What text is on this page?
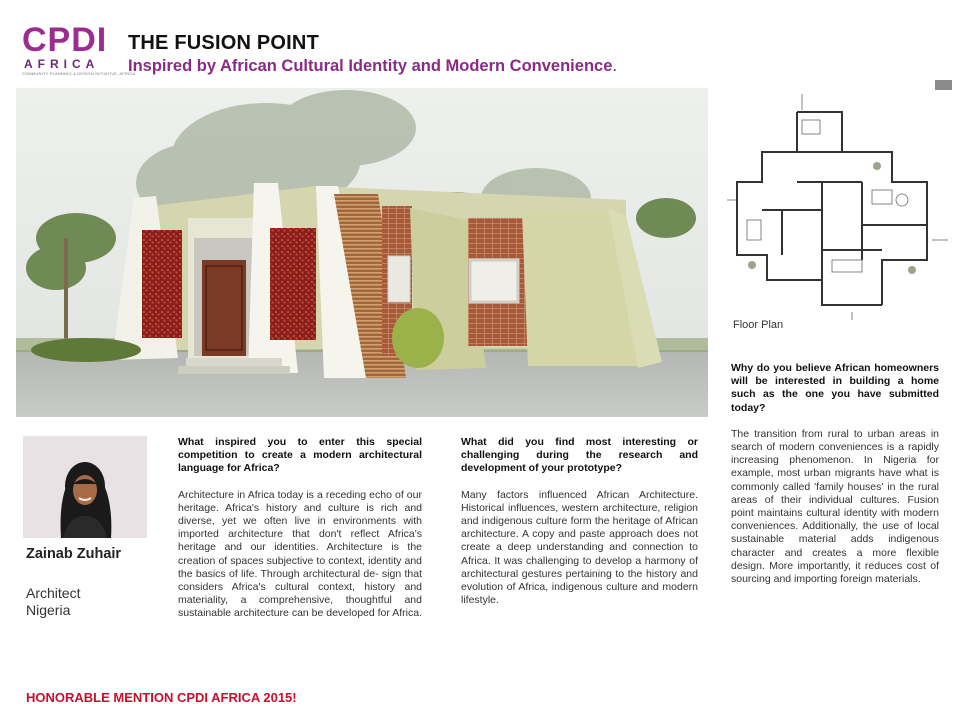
CPDI
AFRICA
COMMUNITY PLANNING & DESIGN INITIATIVE, AFRICA
THE FUSION POINT
Inspired by African Cultural Identity and Modern Convenience.
Floor Plan
Zainab Zuhair
Architect
Nigeria

What inspired you to enter this special competition to create a modern architectural language for Africa?

Architecture in Africa today is a receding echo of our heritage. Africa's history and culture is rich and diverse, yet we often live in environments with imported architecture that don't reflect Africa's heritage and our identities. Architecture is the creation of spaces subjective to context, identity and the basics of life. Through architectural de- sign that considers Africa's cultural context, history and materiality, a comprehensive, thoughtful and sustainable architecture can be developed for Africa.

What did you find most interesting or challenging during the research and development of your prototype?

Many factors influenced African Architecture. Historical influences, western architecture, religion and indigenous culture form the heritage of African architecture. A copy and paste approach does not create a deep understanding and connection to Africa. It was challenging to develop a harmony of architectural gestures pertaining to the history and evolution of Africa, indigenous culture and modern lifestyle.

Why do you believe African homeowners will be interested in building a home such as the one you have submitted today?

The transition from rural to urban areas in search of modern conveniences is a rapidly increasing phenomenon. In Nigeria for example, most urban migrants have what is commonly called 'family houses' in the rural areas of their individual cultures. Fusion point maintains cultural identity with modern conveniences. Additionally, the use of local sustainable material adds indigenous character and creates a more flexible design. More importantly, it reduces cost of sourcing and importing foreign materials.

HONORABLE MENTION CPDI AFRICA 2015!
